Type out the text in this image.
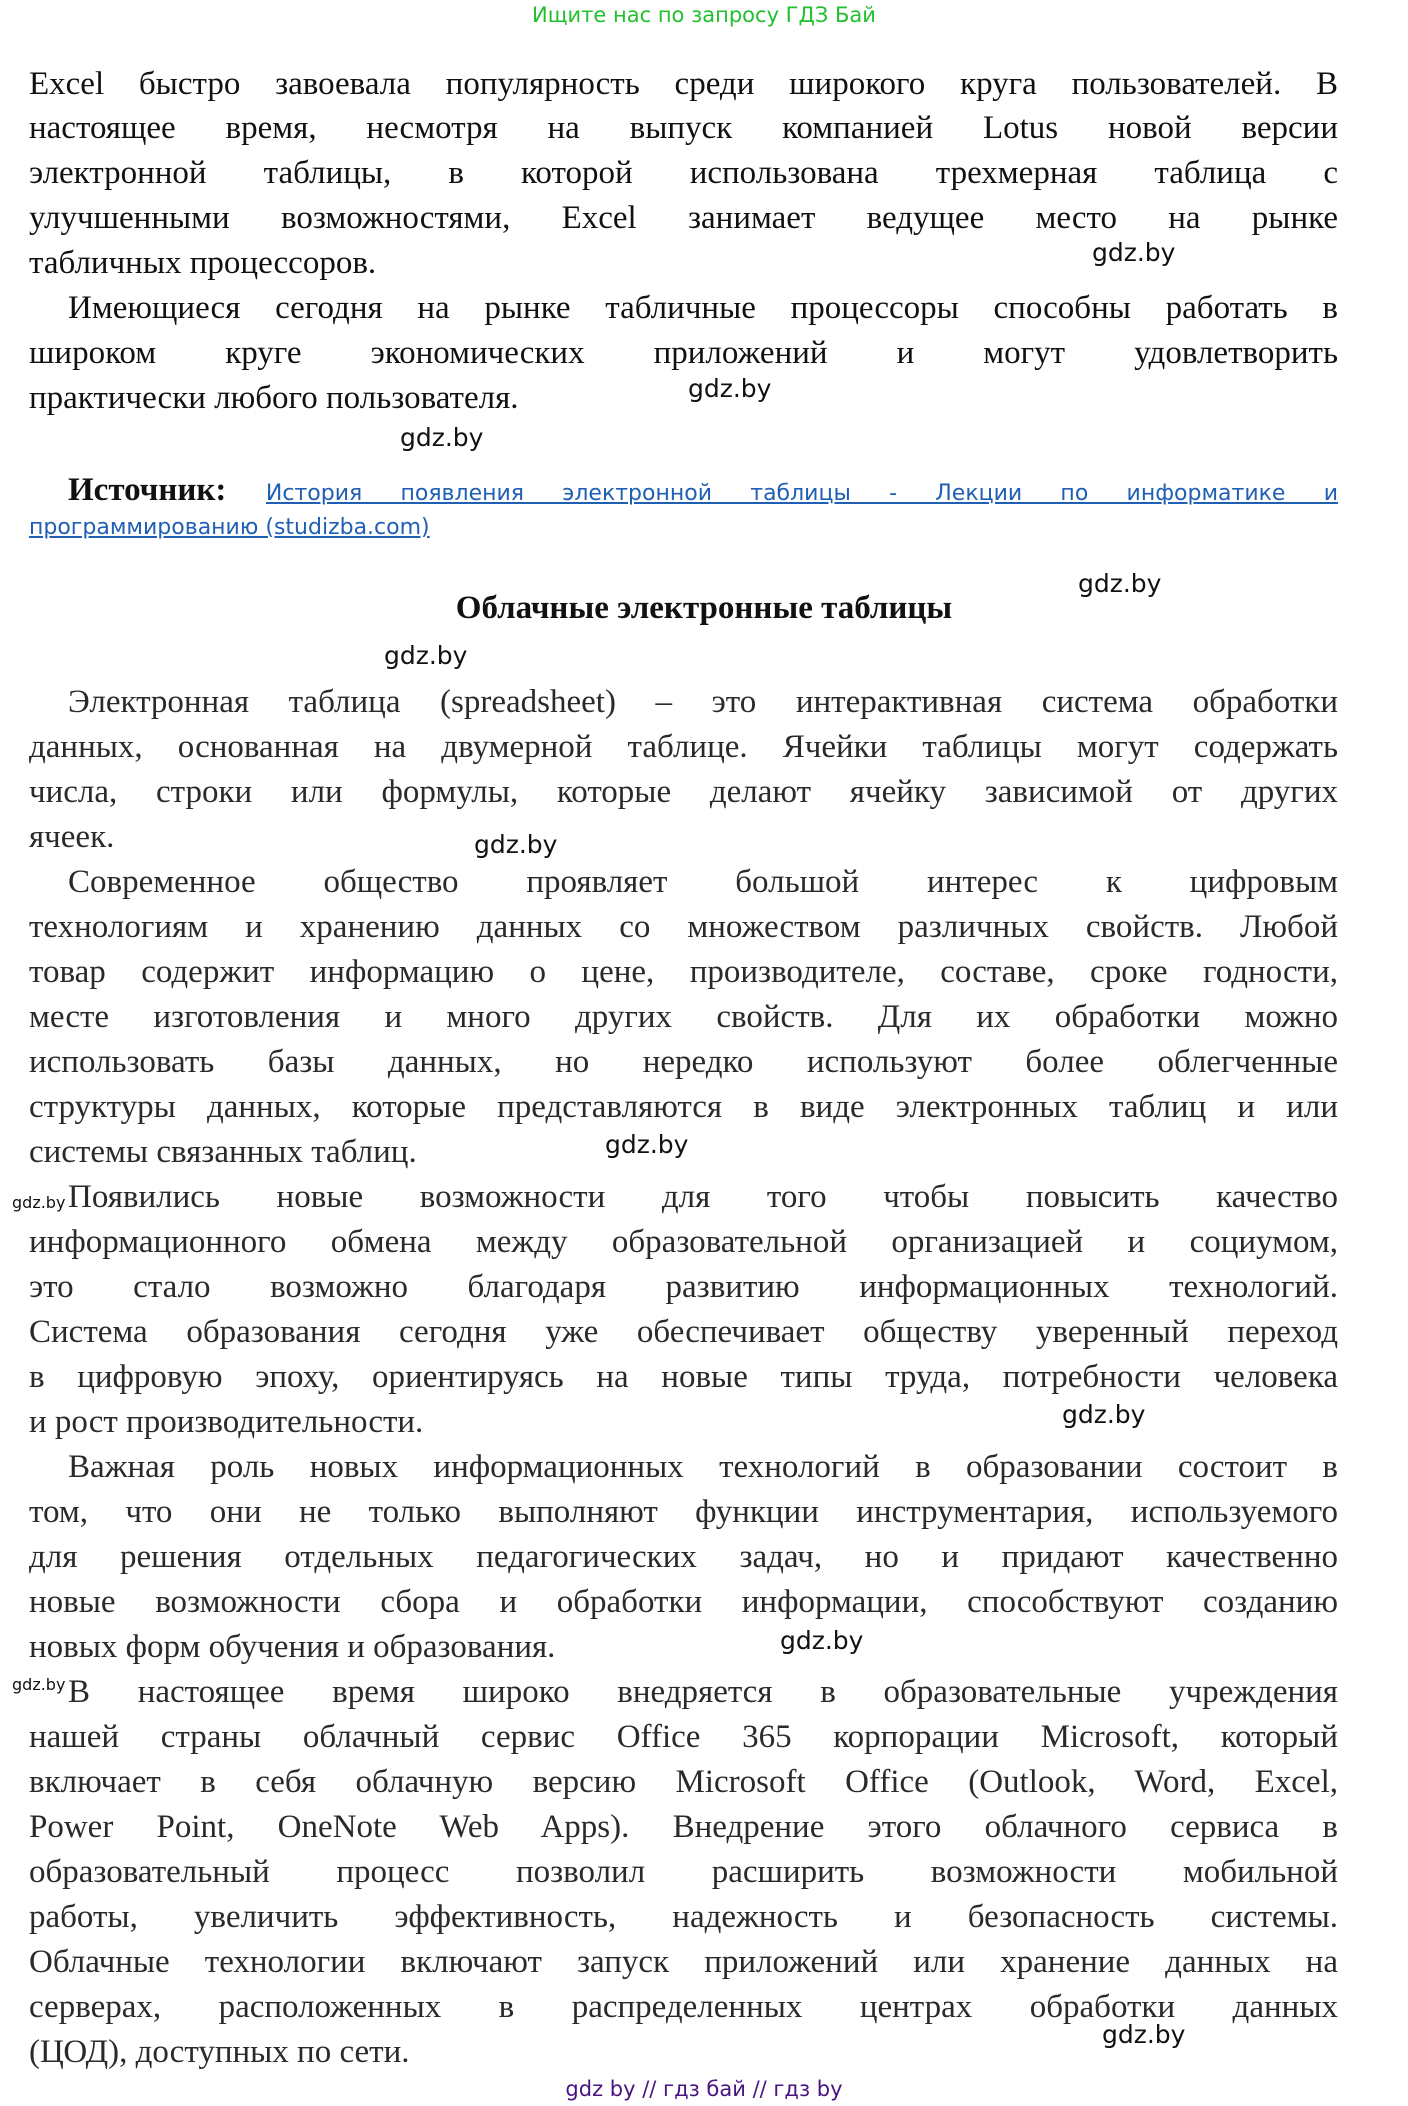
Ищите нас по запросу ГДЗ Бай
Excel быстро завоевала популярность среди широкого круга пользователей. В
настоящее время, несмотря на выпуск компанией Lotus новой версии
электронной таблицы, в которой использована трехмерная таблица с
улучшенными возможностями, Excel занимает ведущее место на рынке
табличных процессоров.
Имеющиеся сегодня на рынке табличные процессоры способны работать в
широком круге экономических приложений и могут удовлетворить
практически любого пользователя.
Источник: История появления электронной таблицы - Лекции по информатике и
программированию (studizba.com)
Облачные электронные таблицы
Электронная таблица (spreadsheet) – это интерактивная система обработки
данных, основанная на двумерной таблице. Ячейки таблицы могут содержать
числа, строки или формулы, которые делают ячейку зависимой от других
ячеек.
Современное общество проявляет большой интерес к цифровым
технологиям и хранению данных со множеством различных свойств. Любой
товар содержит информацию о цене, производителе, составе, сроке годности,
месте изготовления и много других свойств. Для их обработки можно
использовать базы данных, но нередко используют более облегченные
структуры данных, которые представляются в виде электронных таблиц и или
системы связанных таблиц.
Появились новые возможности для того чтобы повысить качество
информационного обмена между образовательной организацией и социумом,
это стало возможно благодаря развитию информационных технологий.
Система образования сегодня уже обеспечивает обществу уверенный переход
в цифровую эпоху, ориентируясь на новые типы труда, потребности человека
и рост производительности.
Важная роль новых информационных технологий в образовании состоит в
том, что они не только выполняют функции инструментария, используемого
для решения отдельных педагогических задач, но и придают качественно
новые возможности сбора и обработки информации, способствуют созданию
новых форм обучения и образования.
В настоящее время широко внедряется в образовательные учреждения
нашей страны облачный сервис Office 365 корпорации Microsoft, который
включает в себя облачную версию Microsoft Office (Outlook, Word, Excel,
Power Point, OneNote Web Apps). Внедрение этого облачного сервиса в
образовательный процесс позволил расширить возможности мобильной
работы, увеличить эффективность, надежность и безопасность системы.
Облачные технологии включают запуск приложений или хранение данных на
серверах, расположенных в распределенных центрах обработки данных
(ЦОД), доступных по сети.
gdz.by
gdz.by
gdz.by
gdz.by
gdz.by
gdz.by
gdz.by
gdz.by
gdz.by
gdz.by
gdz.by
gdz.by
gdz by // гдз бай // гдз by
